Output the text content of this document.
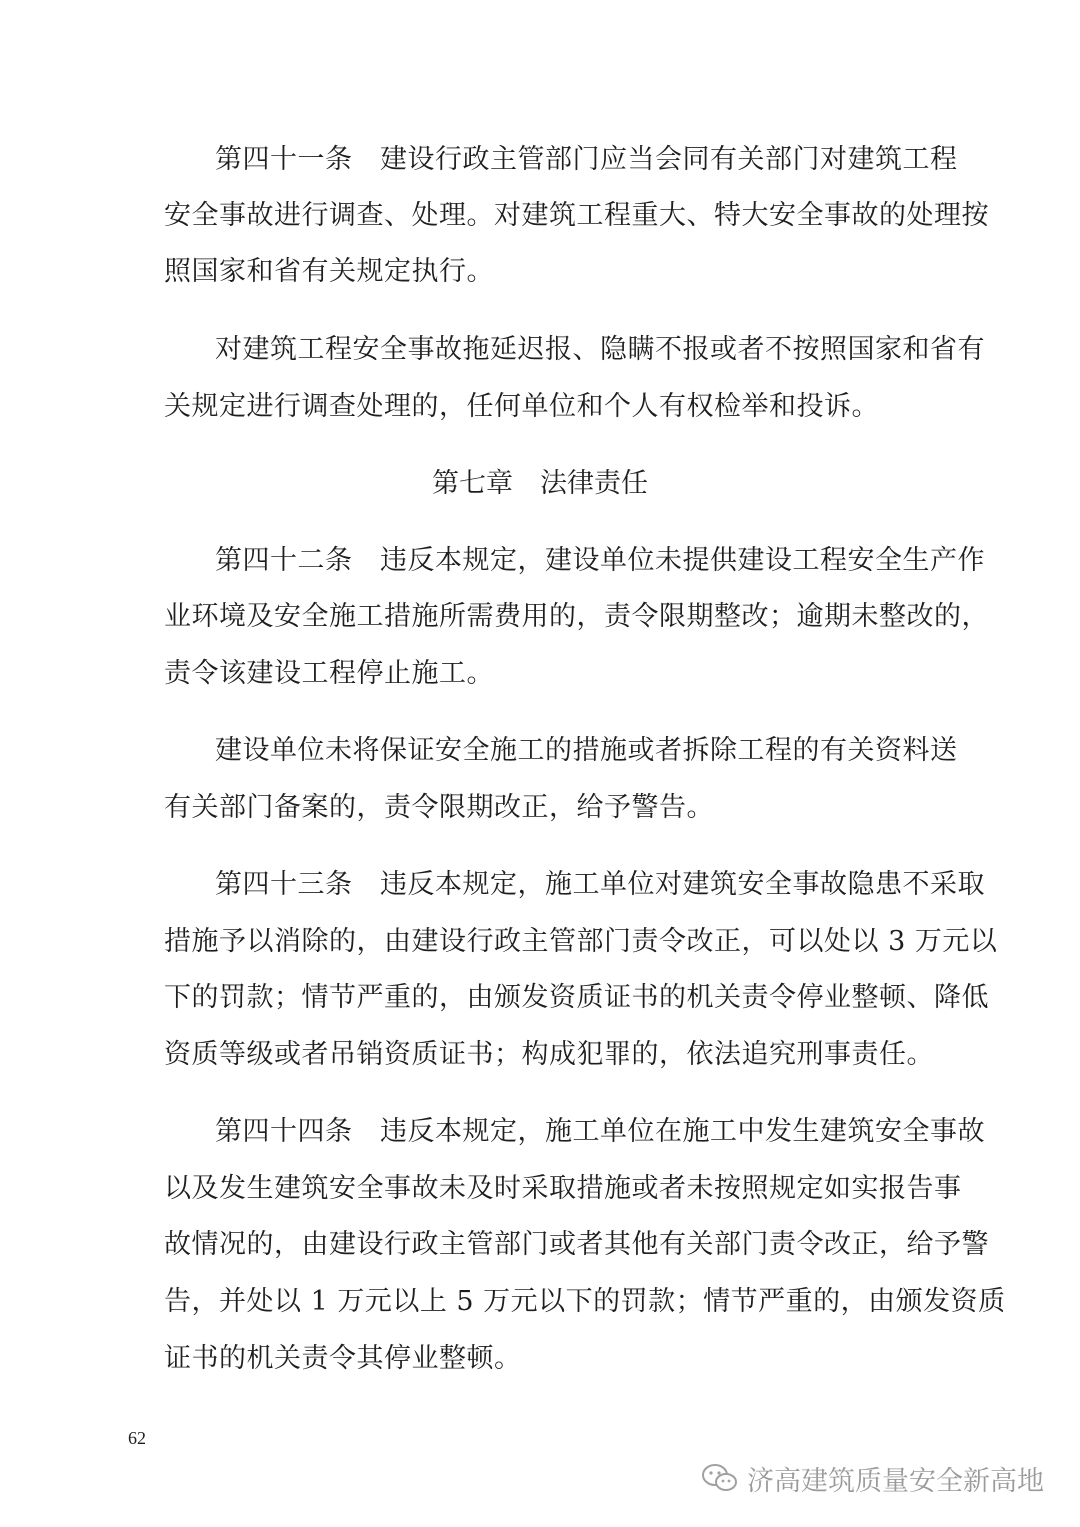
第四十一条　建设行政主管部门应当会同有关部门对建筑工程
安全事故进行调查、处理。对建筑工程重大、特大安全事故的处理按
照国家和省有关规定执行。
对建筑工程安全事故拖延迟报、隐瞒不报或者不按照国家和省有
关规定进行调查处理的，任何单位和个人有权检举和投诉。
第七章　法律责任
第四十二条　违反本规定，建设单位未提供建设工程安全生产作
业环境及安全施工措施所需费用的，责令限期整改；逾期未整改的，
责令该建设工程停止施工。
建设单位未将保证安全施工的措施或者拆除工程的有关资料送
有关部门备案的，责令限期改正，给予警告。
第四十三条　违反本规定，施工单位对建筑安全事故隐患不采取
措施予以消除的，由建设行政主管部门责令改正，可以处以 3 万元以
下的罚款；情节严重的，由颁发资质证书的机关责令停业整顿、降低
资质等级或者吊销资质证书；构成犯罪的，依法追究刑事责任。
第四十四条　违反本规定，施工单位在施工中发生建筑安全事故
以及发生建筑安全事故未及时采取措施或者未按照规定如实报告事
故情况的，由建设行政主管部门或者其他有关部门责令改正，给予警
告，并处以 1 万元以上 5 万元以下的罚款；情节严重的，由颁发资质
证书的机关责令其停业整顿。
62
济高建筑质量安全新高地
